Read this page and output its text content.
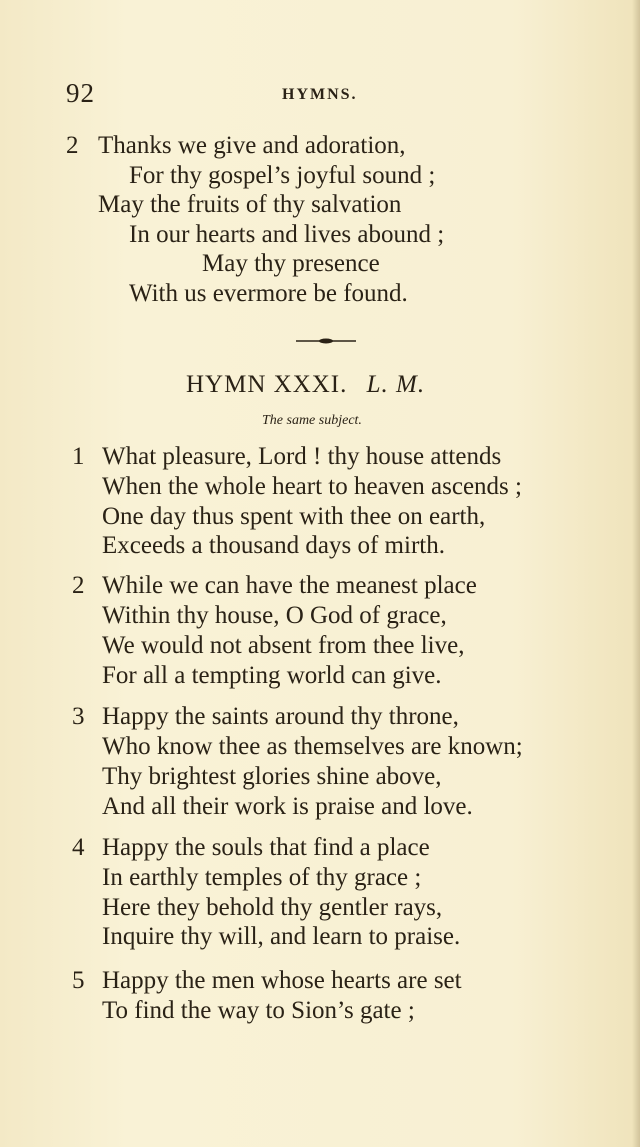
92	HYMNS.
2 Thanks we give and adoration,
For thy gospel’s joyful sound ;
May the fruits of thy salvation
In our hearts and lives abound ;
May thy presence
With us evermore be found.
HYMN XXXI. L. M.
The same subject.
1 What pleasure, Lord ! thy house attends
When the whole heart to heaven ascends ;
One day thus spent with thee on earth,
Exceeds a thousand days of mirth.
2 While we can have the meanest place
Within thy house, O God of grace,
We would not absent from thee live,
For all a tempting world can give.
3 Happy the saints around thy throne,
Who know thee as themselves are known;
Thy brightest glories shine above,
And all their work is praise and love.
4 Happy the souls that find a place
In earthly temples of thy grace ;
Here they behold thy gentler rays,
Inquire thy will, and learn to praise.
5 Happy the men whose hearts are set
To find the way to Sion’s gate ;
